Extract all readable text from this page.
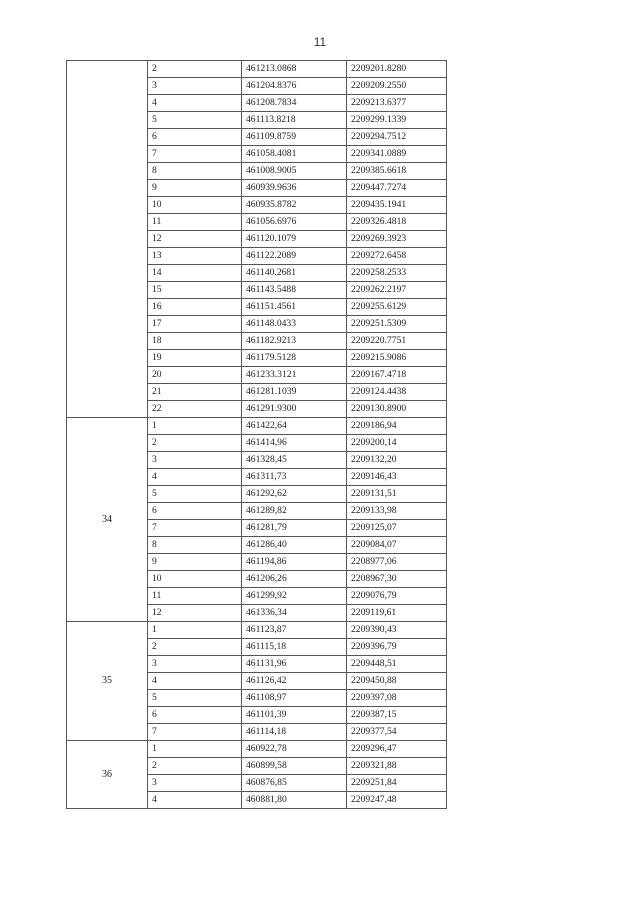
11
	2	461213.0868	2209201.8280
	3	461204.8376	2209209.2550
	4	461208.7834	2209213.6377
	5	461113.8218	2209299.1339
	6	461109.8759	2209294.7512
	7	461058.4081	2209341.0889
	8	461008.9005	2209385.6618
	9	460939.9636	2209447.7274
	10	460935.8782	2209435.1941
	11	461056.6976	2209326.4818
	12	461120.1079	2209269.3923
	13	461122.2089	2209272.6458
	14	461140.2681	2209258.2533
	15	461143.5488	2209262.2197
	16	461151.4561	2209255.6129
	17	461148.0433	2209251.5309
	18	461182.9213	2209220.7751
	19	461179.5128	2209215.9086
	20	461233.3121	2209167.4718
	21	461281.1039	2209124.4438
	22	461291.9300	2209130.8900
34	1	461422,64	2209186,94
	2	461414,96	2209200,14
	3	461328,45	2209132,20
	4	461311,73	2209146,43
	5	461292,62	2209131,51
	6	461289,82	2209133,98
	7	461281,79	2209125,07
	8	461286,40	2209084,07
	9	461194,86	2208977,06
	10	461206,26	2208967,30
	11	461299,92	2209076,79
	12	461336,34	2209119,61
35	1	461123,87	2209390,43
	2	461115,18	2209396,79
	3	461131,96	2209448,51
	4	461126,42	2209450,88
	5	461108,97	2209397,08
	6	461101,39	2209387,15
	7	461114,18	2209377,54
36	1	460922,78	2209296,47
	2	460899,58	2209321,88
	3	460876,85	2209251,84
	4	460881,80	2209247,48
